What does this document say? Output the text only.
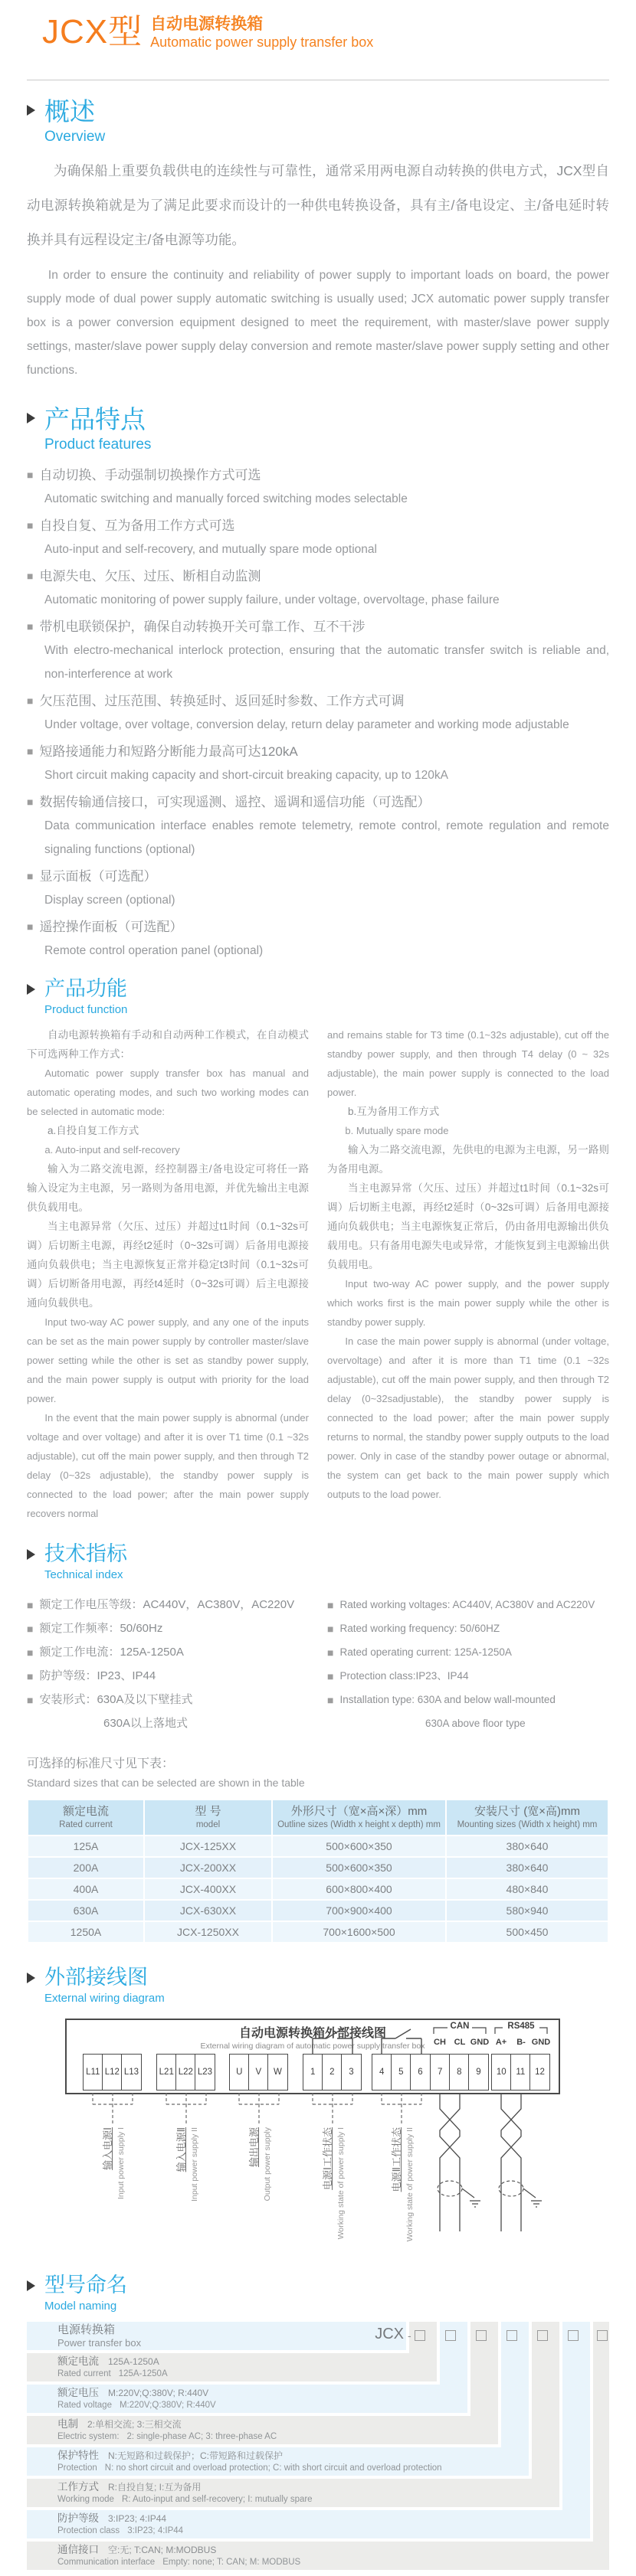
JCX型 自动电源转换箱
Automatic power supply transfer box
概述
Overview

为确保船上重要负载供电的连续性与可靠性，通常采用两电源自动转换的供电方式，JCX型自动电源转换箱就是为了满足此要求而设计的一种供电转换设备，具有主/备电设定、主/备电延时转换并具有远程设定主/备电源等功能。

In order to ensure the continuity and reliability of power supply to important loads on board, the power supply mode of dual power supply automatic switching is usually used; JCX automatic power supply transfer box is a power conversion equipment designed to meet the requirement, with master/slave power supply settings, master/slave power supply delay conversion and remote master/slave power supply setting and other functions.

产品特点
Product features
■ 自动切换、手动强制切换操作方式可选
Automatic switching and manually forced switching modes selectable
■ 自投自复、互为备用工作方式可选
Auto-input and self-recovery, and mutually spare mode optional
■ 电源失电、欠压、过压、断相自动监测
Automatic monitoring of power supply failure, under voltage, overvoltage, phase failure
■ 带机电联锁保护，确保自动转换开关可靠工作、互不干涉
With electro-mechanical interlock protection, ensuring that the automatic transfer switch is reliable and, non-interference at work
■ 欠压范围、过压范围、转换延时、返回延时参数、工作方式可调
Under voltage, over voltage, conversion delay, return delay parameter and working mode adjustable
■ 短路接通能力和短路分断能力最高可达120kA
Short circuit making capacity and short-circuit breaking capacity, up to 120kA
■ 数据传输通信接口，可实现遥测、遥控、遥调和遥信功能（可选配）
Data communication interface enables remote telemetry, remote control, remote regulation and remote signaling functions (optional)
■ 显示面板（可选配）
Display screen (optional)
■ 遥控操作面板（可选配）
Remote control operation panel (optional)
产品功能
Product function

自动电源转换箱有手动和自动两种工作模式，在自动模式下可选两种工作方式：

Automatic power supply transfer box has manual and automatic operating modes, and such two working modes can be selected in automatic mode:

a.自投自复工作方式

a. Auto-input and self-recovery

输入为二路交流电源，经控制器主/备电设定可将任一路输入设定为主电源，另一路则为备用电源，并优先输出主电源供负载用电。

当主电源异常（欠压、过压）并超过t1时间（0.1~32s可调）后切断主电源，再经t2延时（0~32s可调）后备用电源接通向负载供电；当主电源恢复正常并稳定t3时间（0.1~32s可调）后切断备用电源，再经t4延时（0~32s可调）后主电源接通向负载供电。

Input two-way AC power supply, and any one of the inputs can be set as the main power supply by controller master/slave power setting while the other is set as standby power supply, and the main power supply is output with priority for the load power.

In the event that the main power supply is abnormal (under voltage and over voltage) and after it is over T1 time (0.1 ~32s adjustable), cut off the main power supply, and then through T2 delay (0~32s adjustable), the standby power supply is connected to the load power; after the main power supply recovers normal

and remains stable for T3 time (0.1~32s adjustable), cut off the standby power supply, and then through T4 delay (0 ~ 32s adjustable), the main power supply is connected to the load power.

b.互为备用工作方式

b. Mutually spare mode

输入为二路交流电源，先供电的电源为主电源，另一路则为备用电源。

当主电源异常（欠压、过压）并超过t1时间（0.1~32s可调）后切断主电源，再经t2延时（0~32s可调）后备用电源接通向负载供电；当主电源恢复正常后，仍由备用电源输出供负载用电。只有备用电源失电或异常，才能恢复到主电源输出供负载用电。

Input two-way AC power supply, and the power supply which works first is the main power supply while the other is standby power supply.

In case the main power supply is abnormal (under voltage, overvoltage) and after it is more than T1 time (0.1 ~32s adjustable), cut off the main power supply, and then through T2 delay (0~32sadjustable), the standby power supply is connected to the load power; after the main power supply returns to normal, the standby power supply outputs to the load power. Only in case of the standby power outage or abnormal, the system can get back to the main power supply which outputs to the load power.

技术指标
Technical index
■ 额定工作电压等级：AC440V，AC380V，AC220V
■ 额定工作频率：50/60Hz
■ 额定工作电流：125A-1250A
■ 防护等级：IP23、IP44
■ 安装形式：630A及以下壁挂式
630A以上落地式
■ Rated working voltages: AC440V, AC380V and AC220V
■ Rated working frequency: 50/60HZ
■ Rated operating current: 125A-1250A
■ Protection class:IP23、IP44
■ Installation type: 630A and below wall-mounted
630A above floor type
可选择的标准尺寸见下表：
Standard sizes that can be selected are shown in the table
额定电流
Rated current

型 号
model

外形尺寸（宽×高×深）mm
Outline sizes (Width x height x depth) mm

安装尺寸 (宽×高)mm
Mounting sizes (Width x height) mm

125A	JCX-125XX	500×600×350	380×640
200A	JCX-200XX	500×600×350	380×640
400A	JCX-400XX	600×800×400	480×840
630A	JCX-630XX	700×900×400	580×940
1250A	JCX-1250XX	700×1600×500	500×450
外部接线图
External wiring diagram
自动电源转换箱外部接线图
External wiring diagram of automatic power supply transfer box
CAN	RS485
CH CL GND A+	B- GND
L11 L12 L13	L21 L22 L23	U	V	W	1	2	3	4	5	6	7	8	9	10	11	12
输入电源Ⅰ Input power supply I	输入电源Ⅱ Input power supply II	输出电源 Output power supply	电源Ⅰ工作状态 Working state of power supply I	电源Ⅱ工作状态 Working state of power supply II
型号命名
Model naming
电源转换箱
Power transfer box
额定电流 125A-1250A
Rated current 125A-1250A
额定电压 M:220V;Q:380V; R:440V
Rated voltage M:220V;Q:380V; R:440V
电制 2:单相交流; 3:三相交流
Electric system: 2: single-phase AC; 3: three-phase AC
保护特性 N:无短路和过载保护；C:带短路和过载保护
Protection N: no short circuit and overload protection; C: with short circuit and overload protection
工作方式 R:自投自复; I:互为备用
Working mode R: Auto-input and self-recovery; I: mutually spare
防护等级 3:IP23; 4:IP44
Protection class 3:IP23; 4:IP44
通信接口 空:无; T:CAN; M:MODBUS
Communication interface Empty: none; T: CAN; M: MODBUS
JCX -
